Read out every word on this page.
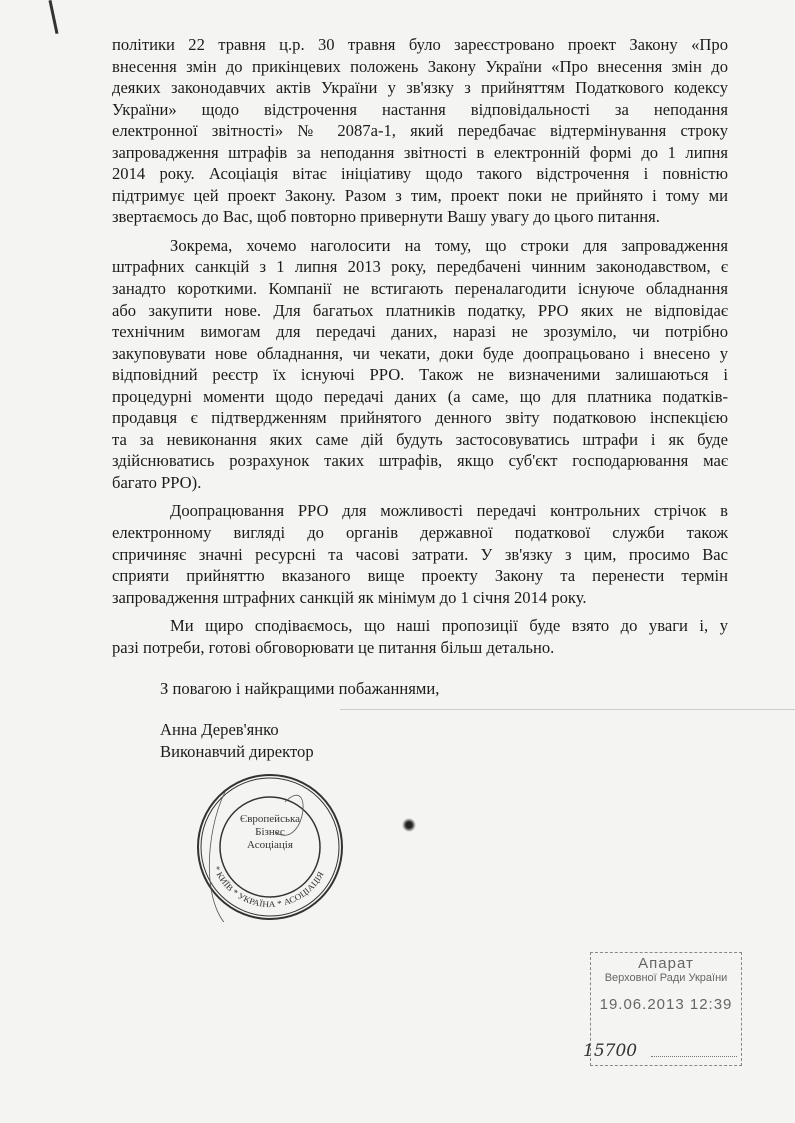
політики 22 травня ц.р. 30 травня було зареєстровано проект Закону «Про
внесення змін до прикінцевих положень Закону України «Про внесення змін до
деяких законодавчих актів України у зв'язку з прийняттям Податкового кодексу
України» щодо відстрочення настання відповідальності за неподання
електронної звітності» № 2087а-1, який передбачає відтермінування строку
запровадження штрафів за неподання звітності в електронній формі до 1 липня
2014 року. Асоціація вітає ініціативу щодо такого відстрочення і повністю
підтримує цей проект Закону. Разом з тим, проект поки не прийнято і тому ми
звертаємось до Вас, щоб повторно привернути Вашу увагу до цього питання.
Зокрема, хочемо наголосити на тому, що строки для запровадження
штрафних санкцій з 1 липня 2013 року, передбачені чинним законодавством, є
занадто короткими. Компанії не встигають переналагодити існуюче обладнання
або закупити нове. Для багатьох платників податку, РРО яких не відповідає
технічним вимогам для передачі даних, наразі не зрозуміло, чи потрібно
закуповувати нове обладнання, чи чекати, доки буде доопрацьовано і внесено у
відповідний реєстр їх існуючі РРО. Також не визначеними залишаються і
процедурні моменти щодо передачі даних (а саме, що для платника податків-
продавця є підтвердженням прийнятого денного звіту податковою інспекцією
та за невиконання яких саме дій будуть застосовуватись штрафи і як буде
здійснюватись розрахунок таких штрафів, якщо суб'єкт господарювання має
багато РРО).
Доопрацювання РРО для можливості передачі контрольних стрічок в
електронному вигляді до органів державної податкової служби також
спричиняє значні ресурсні та часові затрати. У зв'язку з цим, просимо Вас
сприяти прийняттю вказаного вище проекту Закону та перенести термін
запровадження штрафних санкцій як мінімум до 1 січня 2014 року.
Ми щиро сподіваємось, що наші пропозиції буде взято до уваги і, у
разі потреби, готові обговорювати це питання більш детально.
З повагою і найкращими побажаннями,
Анна Дерев'янко
Виконавчий директор
* КИЇВ * УКРАЇНА * АСОЦІАЦІЯ
Європейська
Бізнес
Асоціація
Апарат
Верховної Ради України
19.06.2013 12:39
15700
